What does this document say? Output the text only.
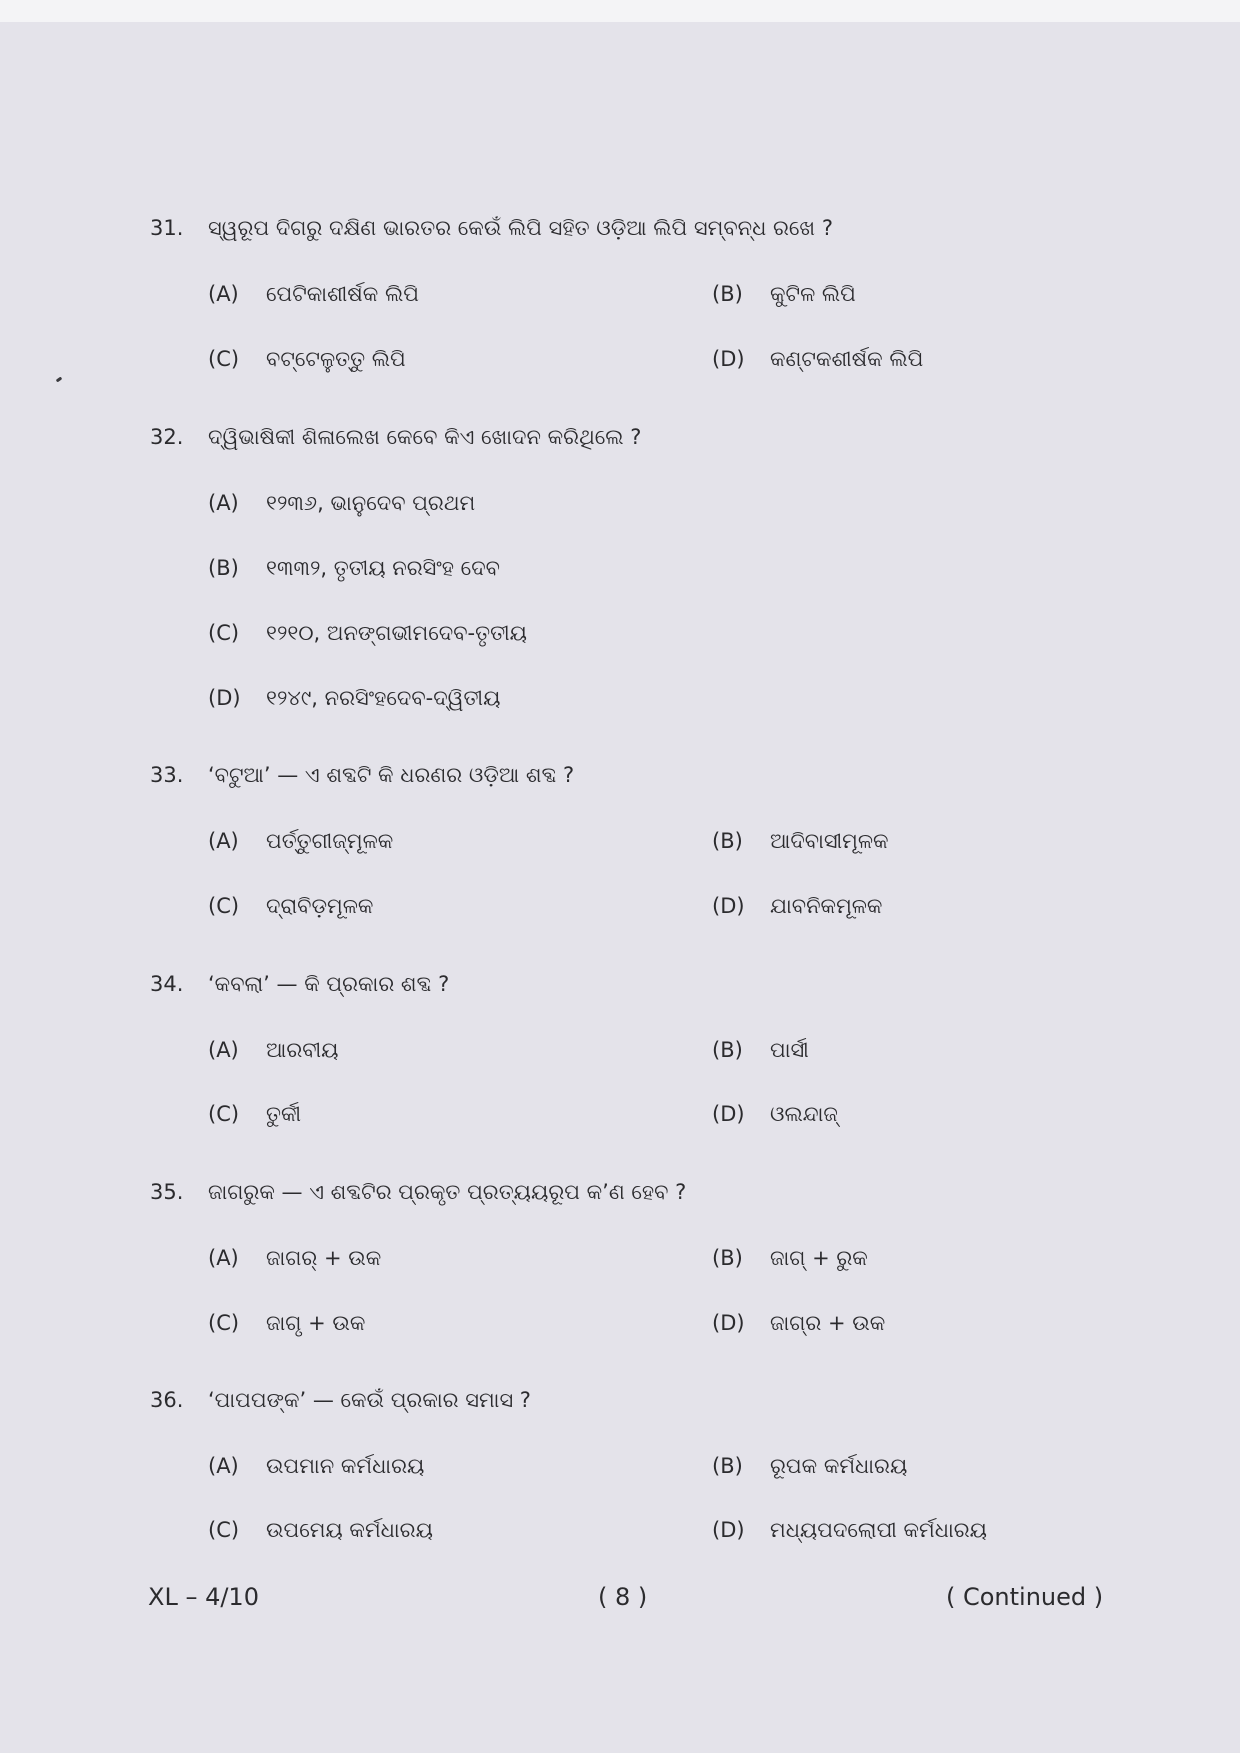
31. ସ୍ୱରୂପ ଦିଗରୁ ଦକ୍ଷିଣ ଭାରତର କେଉଁ ଲିପି ସହିତ ଓଡ଼ିଆ ଲିପି ସମ୍ବନ୍ଧ ରଖେ ?
(A) ପେଟିକାଶୀର୍ଷକ ଲିପି	(B) କୁଟିଳ ଲିପି
(C) ବଟ୍ଟେଳୁତ୍ତୁ ଲିପି	(D) କଣ୍ଟକଶୀର୍ଷକ ଲିପି
32. ଦ୍ୱିଭାଷିକୀ ଶିଳାଲେଖ କେବେ କିଏ ଖୋଦନ କରିଥିଲେ ?
(A) ୧୨୩୬, ଭାନୁଦେବ ପ୍ରଥମ
(B) ୧୩୩୨, ତୃତୀୟ ନରସିଂହ ଦେବ
(C) ୧୨୧୦, ଅନଙ୍ଗଭୀମଦେବ-ତୃତୀୟ
(D) ୧୨୪୯, ନରସିଂହଦେବ-ଦ୍ୱିତୀୟ
33. ‘ବଟୁଆ’ — ଏ ଶବ୍ଦଟି କି ଧରଣର ଓଡ଼ିଆ ଶବ୍ଦ ?
(A) ପର୍ତ୍ତୁଗୀଜ୍‌ମୂଳକ	(B) ଆଦିବାସୀମୂଳକ
(C) ଦ୍ରାବିଡ଼ମୂଳକ	(D) ଯାବନିକମୂଳକ
34. ‘କବଲା’ — କି ପ୍ରକାର ଶବ୍ଦ ?
(A) ଆରବୀୟ	(B) ପାର୍ସୀ
(C) ତୁର୍କୀ	(D) ଓଲନ୍ଦାଜ୍
35. ଜାଗରୁକ — ଏ ଶବ୍ଦଟିର ପ୍ରକୃତ ପ୍ରତ୍ୟୟରୂପ କ’ଣ ହେବ ?
(A) ଜାଗର୍ + ଉକ	(B) ଜାଗ୍ + ରୁକ
(C) ଜାଗୃ + ଉକ	(D) ଜାଗ୍ର + ଉକ
36. ‘ପାପପଙ୍କ’ — କେଉଁ ପ୍ରକାର ସମାସ ?
(A) ଉପମାନ କର୍ମଧାରୟ	(B) ରୂପକ କର୍ମଧାରୟ
(C) ଉପମେୟ କର୍ମଧାରୟ	(D) ମଧ୍ୟପଦଲୋପୀ କର୍ମଧାରୟ
XL – 4/10	( 8 )	( Continued )
